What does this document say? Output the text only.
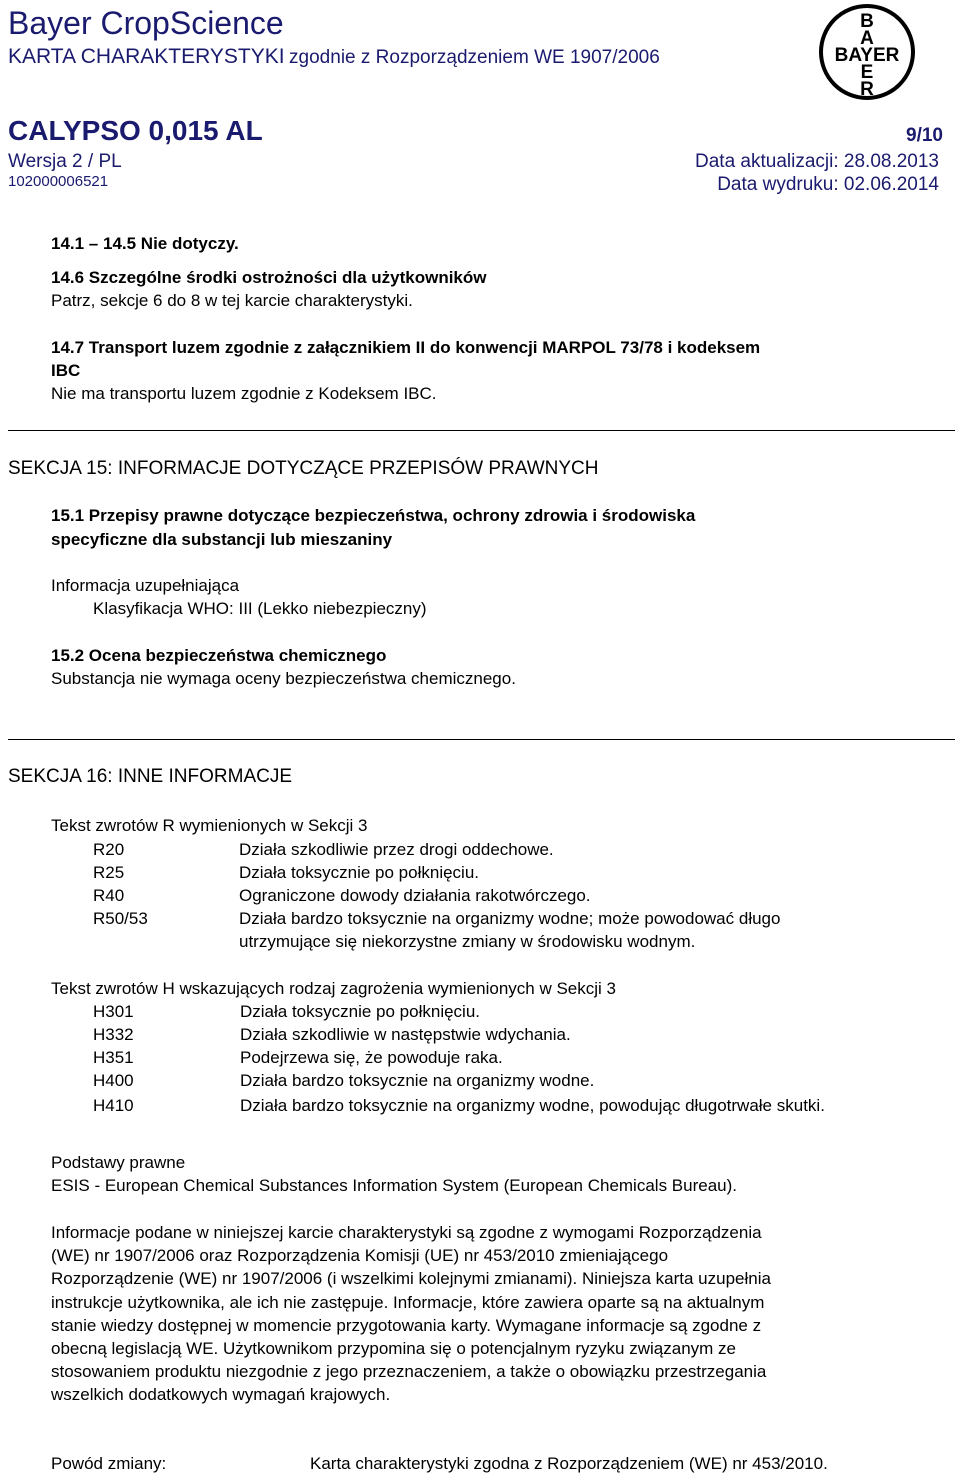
Bayer CropScience
KARTA CHARAKTERYSTYKI zgodnie z Rozporządzeniem WE 1907/2006
B
A
BAYER
E
R
CALYPSO 0,015 AL	9/10
Wersja 2 / PL	Data aktualizacji: 28.08.2013
102000006521	Data wydruku: 02.06.2014
14.1 – 14.5 Nie dotyczy.
14.6 Szczególne środki ostrożności dla użytkowników
Patrz, sekcje 6 do 8 w tej karcie charakterystyki.
14.7 Transport luzem zgodnie z załącznikiem II do konwencji MARPOL 73/78 i kodeksem
IBC
Nie ma transportu luzem zgodnie z Kodeksem IBC.
SEKCJA 15: INFORMACJE DOTYCZĄCE PRZEPISÓW PRAWNYCH
15.1 Przepisy prawne dotyczące bezpieczeństwa, ochrony zdrowia i środowiska
specyficzne dla substancji lub mieszaniny
Informacja uzupełniająca
Klasyfikacja WHO: III (Lekko niebezpieczny)
15.2 Ocena bezpieczeństwa chemicznego
Substancja nie wymaga oceny bezpieczeństwa chemicznego.
SEKCJA 16: INNE INFORMACJE
Tekst zwrotów R wymienionych w Sekcji 3
R20	Działa szkodliwie przez drogi oddechowe.
R25	Działa toksycznie po połknięciu.
R40	Ograniczone dowody działania rakotwórczego.
R50/53	Działa bardzo toksycznie na organizmy wodne; może powodować długo
utrzymujące się niekorzystne zmiany w środowisku wodnym.
Tekst zwrotów H wskazujących rodzaj zagrożenia wymienionych w Sekcji 3
H301	Działa toksycznie po połknięciu.
H332	Działa szkodliwie w następstwie wdychania.
H351	Podejrzewa się, że powoduje raka.
H400	Działa bardzo toksycznie na organizmy wodne.
H410	Działa bardzo toksycznie na organizmy wodne, powodując długotrwałe skutki.
Podstawy prawne
ESIS - European Chemical Substances Information System (European Chemicals Bureau).
Informacje podane w niniejszej karcie charakterystyki są zgodne z wymogami Rozporządzenia
(WE) nr 1907/2006 oraz Rozporządzenia Komisji (UE) nr 453/2010 zmieniającego
Rozporządzenie (WE) nr 1907/2006 (i wszelkimi kolejnymi zmianami). Niniejsza karta uzupełnia
instrukcje użytkownika, ale ich nie zastępuje. Informacje, które zawiera oparte są na aktualnym
stanie wiedzy dostępnej w momencie przygotowania karty. Wymagane informacje są zgodne z
obecną legislacją WE. Użytkownikom przypomina się o potencjalnym ryzyku związanym ze
stosowaniem produktu niezgodnie z jego przeznaczeniem, a także o obowiązku przestrzegania
wszelkich dodatkowych wymagań krajowych.
Powód zmiany:	Karta charakterystyki zgodna z Rozporządzeniem (WE) nr 453/2010.
